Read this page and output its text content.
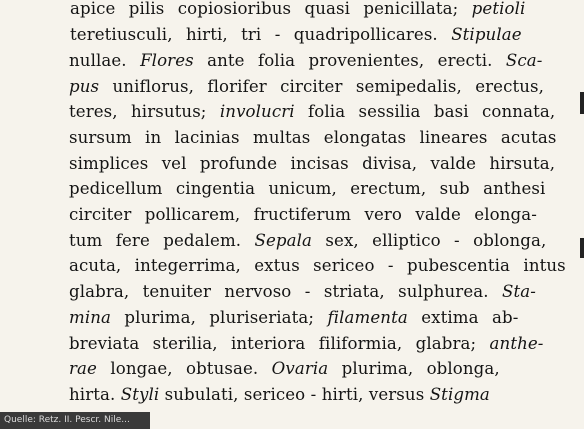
apice pilis copiosioribus quasi penicillata; petioli
teretiusculi, hirti, tri - quadripollicares. Stipulae
nullae. Flores ante folia provenientes, erecti. Sca-
pus uniflorus, florifer circiter semipedalis, erectus,
teres, hirsutus; involucri folia sessilia basi connata,
sursum in lacinias multas elongatas lineares acutas
simplices vel profunde incisas divisa, valde hirsuta,
pedicellum cingentia unicum, erectum, sub anthesi
circiter pollicarem, fructiferum vero valde elonga-
tum fere pedalem. Sepala sex, elliptico - oblonga,
acuta, integerrima, extus sericeo - pubescentia intus
glabra, tenuiter nervoso - striata, sulphurea. Sta-
mina plurima, pluriseriata; filamenta extima ab-
breviata sterilia, interiora filiformia, glabra; anthe-
rae longae, obtusae. Ovaria plurima, oblonga,
hirta. Styli subulati, sericeo - hirti, versus Stigma
Quelle: Retz. II. Pescr. Nile...
